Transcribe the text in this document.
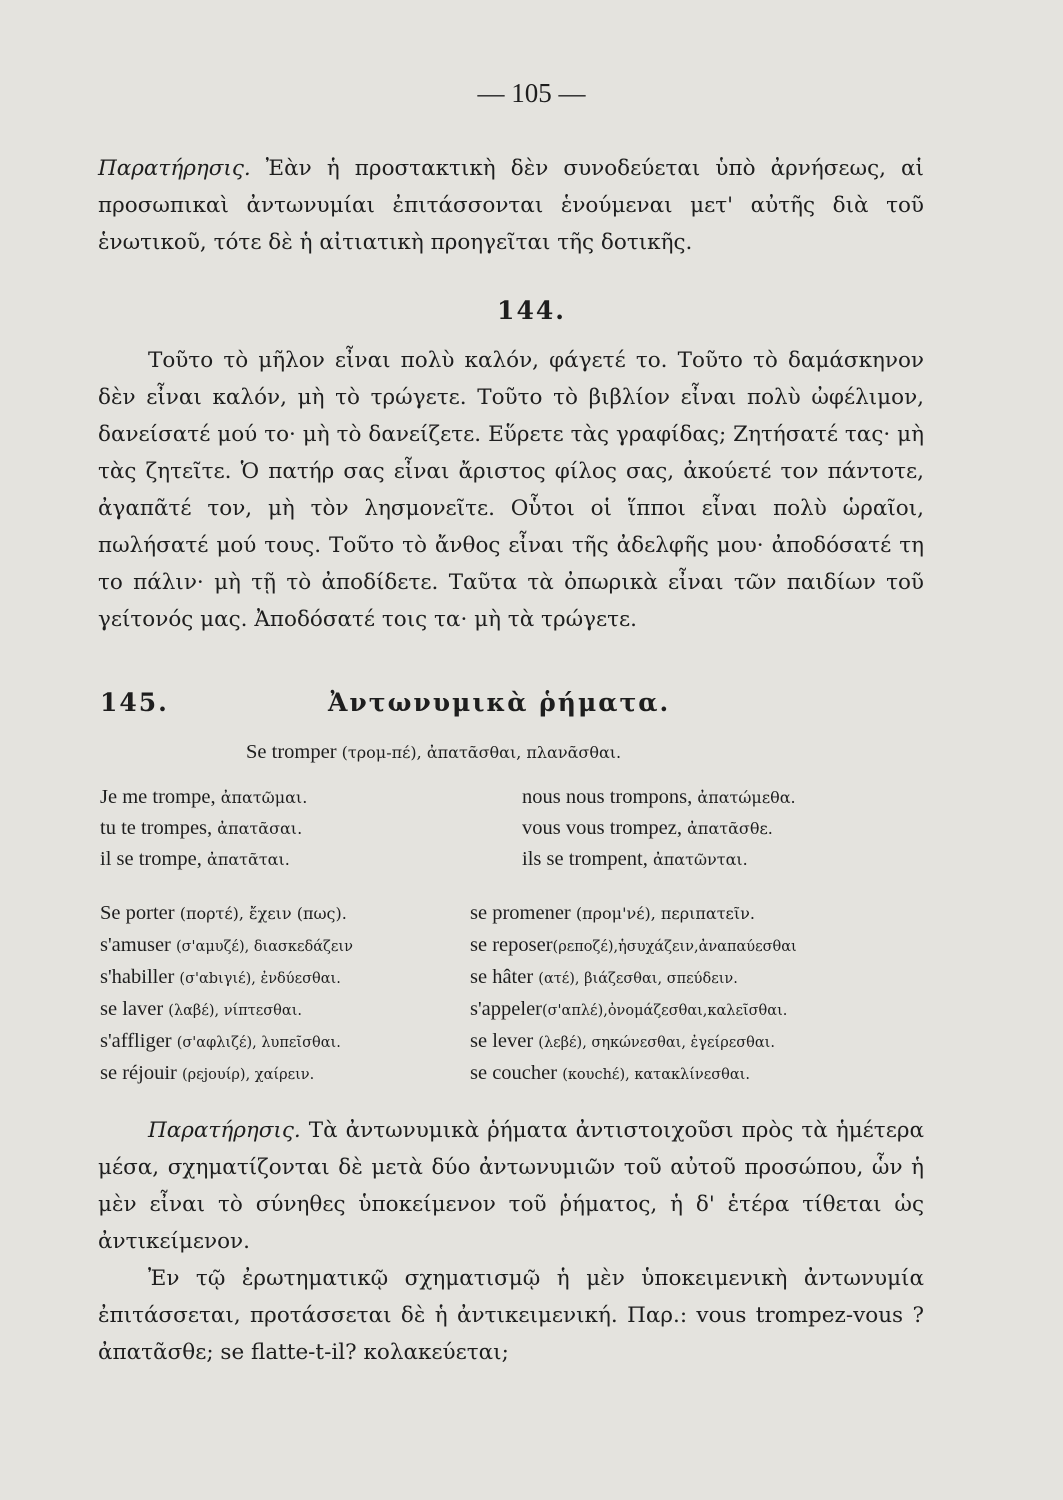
— 105 —
Παρατήρησις. Ἐὰν ἡ προστακτικὴ δὲν συνοδεύεται ὑπὸ ἀρνήσεως, αἱ προσωπικαὶ ἀντωνυμίαι ἐπιτάσσονται ἑνούμεναι μετ' αὐτῆς διὰ τοῦ ἑνωτικοῦ, τότε δὲ ἡ αἰτιατικὴ προηγεῖται τῆς δοτικῆς.
144.
Τοῦτο τὸ μῆλον εἶναι πολὺ καλόν, φάγετέ το. Τοῦτο τὸ δαμάσκηνον δὲν εἶναι καλόν, μὴ τὸ τρώγετε. Τοῦτο τὸ βιβλίον εἶναι πολὺ ὠφέλιμον, δανείσατέ μού το· μὴ τὸ δανείζετε. Εὕρετε τὰς γραφίδας; Ζητήσατέ τας· μὴ τὰς ζητεῖτε. Ὁ πατήρ σας εἶναι ἄριστος φίλος σας, ἀκούετέ τον πάντοτε, ἀγαπᾶτέ τον, μὴ τὸν λησμονεῖτε. Οὗτοι οἱ ἵπποι εἶναι πολὺ ὡραῖοι, πωλήσατέ μού τους. Τοῦτο τὸ ἄνθος εἶναι τῆς ἀδελφῆς μου· ἀποδόσατέ τη το πάλιν· μὴ τῇ τὸ ἀποδίδετε. Ταῦτα τὰ ὀπωρικὰ εἶναι τῶν παιδίων τοῦ γείτονός μας. Ἀποδόσατέ τοις τα· μὴ τὰ τρώγετε.
145.	Ἀντωνυμικὰ ῥήματα.
Se tromper (τρομ-πέ), ἀπατᾶσθαι, πλανᾶσθαι.
Je me trompe, ἀπατῶμαι.	nous nous trompons, ἀπατώμεθα.
tu te trompes, ἀπατᾶσαι.	vous vous trompez, ἀπατᾶσθε.
il se trompe, ἀπατᾶται.	ils se trompent, ἀπατῶνται.
Se porter (πορτέ), ἔχειν (πως).	se promener (προμ'νέ), περιπατεῖν.
s'amuser (σ'αμυζέ), διασκεδάζειν	se reposer(ρεποζέ),ἡσυχάζειν,ἀναπαύεσθαι
s'habiller (σ'αbιγιέ), ἐνδύεσθαι.	se hâter (ατέ), βιάζεσθαι, σπεύδειν.
se laver (λαβέ), νίπτεσθαι.	s'appeler(σ'απλέ),ὀνομάζεσθαι,καλεῖσθαι.
s'affliger (σ'αφλιζέ), λυπεῖσθαι.	se lever (λεβέ), σηκώνεσθαι, ἐγείρεσθαι.
se réjouir (ρεjουίρ), χαίρειν.	se coucher (κουchέ), κατακλίνεσθαι.
Παρατήρησις. Τὰ ἀντωνυμικὰ ῥήματα ἀντιστοιχοῦσι πρὸς τὰ ἡμέτερα μέσα, σχηματίζονται δὲ μετὰ δύο ἀντωνυμιῶν τοῦ αὐτοῦ προσώπου, ὧν ἡ μὲν εἶναι τὸ σύνηθες ὑποκείμενον τοῦ ῥήματος, ἡ δ' ἑτέρα τίθεται ὡς ἀντικείμενον.
Ἐν τῷ ἐρωτηματικῷ σχηματισμῷ ἡ μὲν ὑποκειμενικὴ ἀντωνυμία ἐπιτάσσεται, προτάσσεται δὲ ἡ ἀντικειμενική. Παρ.: vous trompez-vous ? ἀπατᾶσθε; se flatte-t-il? κολακεύεται;
